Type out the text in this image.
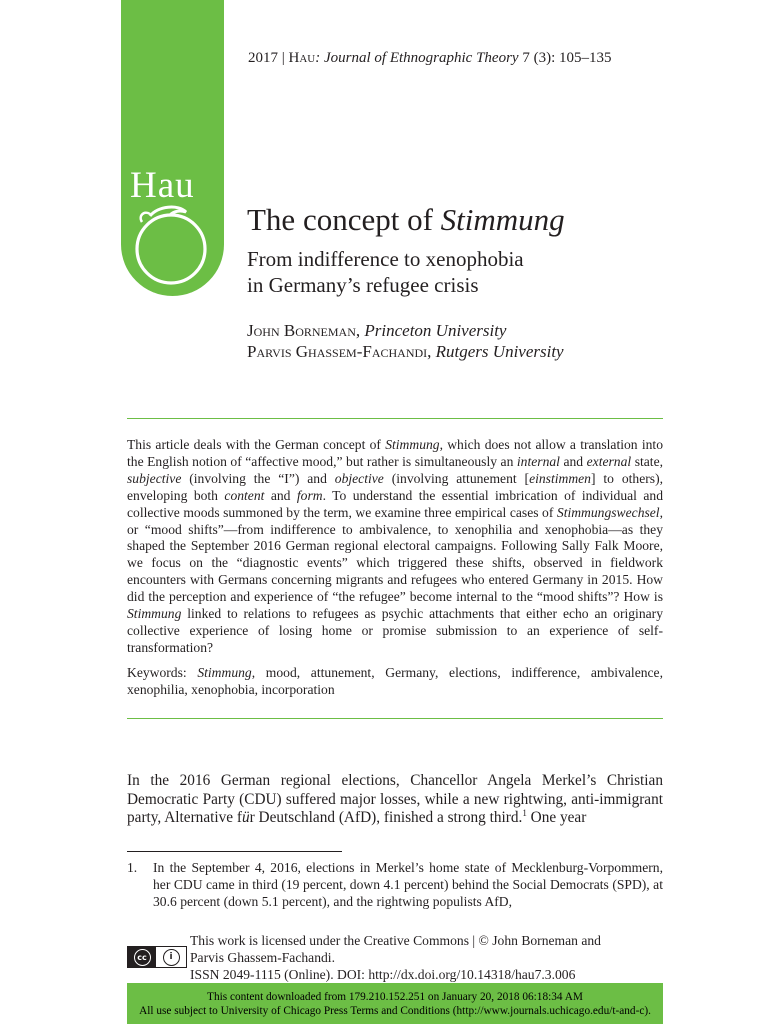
Hau
2017 | Hau: Journal of Ethnographic Theory 7 (3): 105–135
The concept of Stimmung
From indifference to xenophobia
in Germany’s refugee crisis
John Borneman, Princeton University
Parvis Ghassem-Fachandi, Rutgers University

This article deals with the German concept of Stimmung, which does not allow a translation into the English notion of “affective mood,” but rather is simultaneously an internal and external state, subjective (involving the “I”) and objective (involving attunement [einstimmen] to others), enveloping both content and form. To understand the essential imbrication of individual and collective moods summoned by the term, we examine three empirical cases of Stimmungswechsel, or “mood shifts”—from indifference to ambivalence, to xenophilia and xenophobia—as they shaped the September 2016 German regional electoral campaigns. Following Sally Falk Moore, we focus on the “diagnostic events” which triggered these shifts, observed in fieldwork encounters with Germans concerning migrants and refugees who entered Germany in 2015. How did the perception and experience of “the refugee” become internal to the “mood shifts”? How is Stimmung linked to relations to refugees as psychic attachments that either echo an originary collective experience of losing home or promise submission to an experience of self-transformation?

Keywords: Stimmung, mood, attunement, Germany, elections, indifference, ambivalence, xenophilia, xenophobia, incorporation
In the 2016 German regional elections, Chancellor Angela Merkel’s Christian Democratic Party (CDU) suffered major losses, while a new rightwing, anti-immigrant party, Alternative für Deutschland (AfD), finished a strong third.$^1$ One year
1.	In the September 4, 2016, elections in Merkel’s home state of Mecklenburg-Vorpommern, her CDU came in third (19 percent, down 4.1 percent) behind the Social Democrats (SPD), at 30.6 percent (down 5.1 percent), and the rightwing populists AfD,
cc	i
This work is licensed under the Creative Commons | © John Borneman and
Parvis Ghassem-Fachandi.
ISSN 2049-1115 (Online). DOI: http://dx.doi.org/10.14318/hau7.3.006
This content downloaded from 179.210.152.251 on January 20, 2018 06:18:34 AM
All use subject to University of Chicago Press Terms and Conditions (http://www.journals.uchicago.edu/t-and-c).
